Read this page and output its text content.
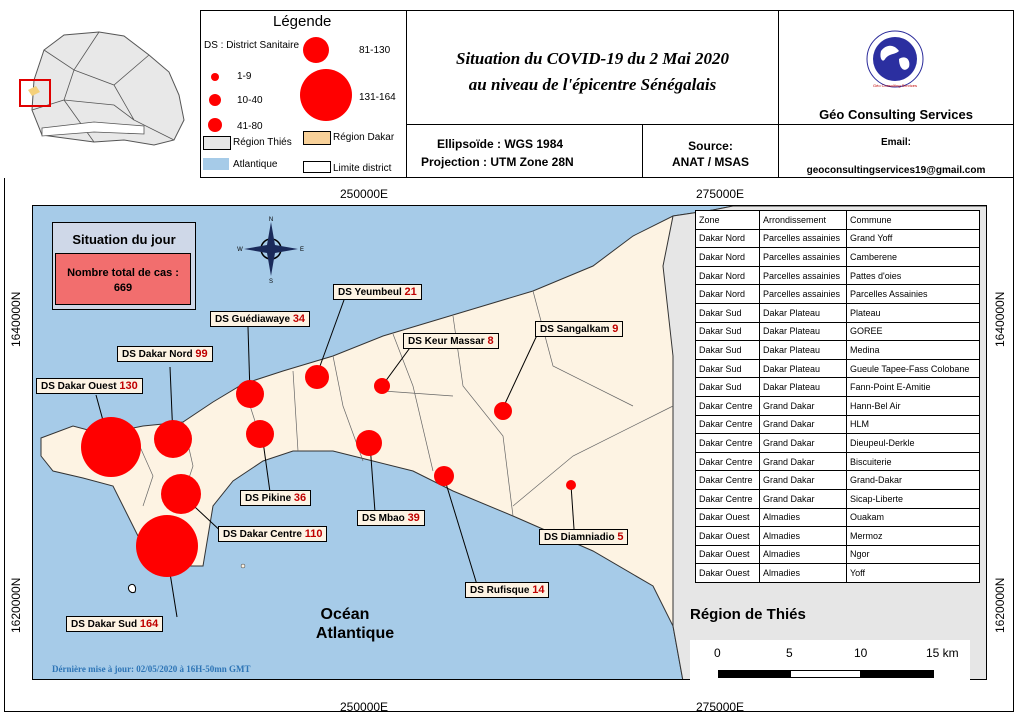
Légende
DS : District Sanitaire
1-9
10-40
41-80
81-130
131-164
Région Thiés	Région Dakar
Atlantique	Limite district
Situation du COVID-19 du 2 Mai 2020
au niveau de l'épicentre Sénégalais	Géo Consulting Services
Géo Consulting Services
Ellipsoïde : WGS 1984
Projection : UTM Zone 28N
Source:
ANAT / MSAS
Email:
geoconsultingservices19@gmail.com
250000E	275000E
250000E	275000E
1640000N
1620000N
1640000N
1620000N
Situation du jour
Nombre total de cas :
669
N
S
W	E
DS Dakar Ouest 130
DS Dakar Nord 99
DS Guédiawaye 34
DS Yeumbeul 21
DS Keur Massar 8
DS Sangalkam 9
DS Pikine 36
DS Mbao 39
DS Dakar Centre 110	DS Diamniadio 5
DS Rufisque 14
DS Dakar Sud 164
Océan
Atlantique
Région de Thiés
Dérnière mise à jour: 02/05/2020 à 16H-50mn GMT
0	5	10	15 km
Zone	Arrondissement	Commune
Dakar Nord	Parcelles assainies	Grand Yoff
Dakar Nord	Parcelles assainies	Camberene
Dakar Nord	Parcelles assainies	Pattes d'oies
Dakar Nord	Parcelles assainies	Parcelles Assainies
Dakar Sud	Dakar Plateau	Plateau
Dakar Sud	Dakar Plateau	GOREE
Dakar Sud	Dakar Plateau	Medina
Dakar Sud	Dakar Plateau	Gueule Tapee-Fass Colobane
Dakar Sud	Dakar Plateau	Fann-Point E-Amitie
Dakar Centre	Grand Dakar	Hann-Bel Air
Dakar Centre	Grand Dakar	HLM
Dakar Centre	Grand Dakar	Dieupeul-Derkle
Dakar Centre	Grand Dakar	Biscuiterie
Dakar Centre	Grand Dakar	Grand-Dakar
Dakar Centre	Grand Dakar	Sicap-Liberte
Dakar Ouest	Almadies	Ouakam
Dakar Ouest	Almadies	Mermoz
Dakar Ouest	Almadies	Ngor
Dakar Ouest	Almadies	Yoff
